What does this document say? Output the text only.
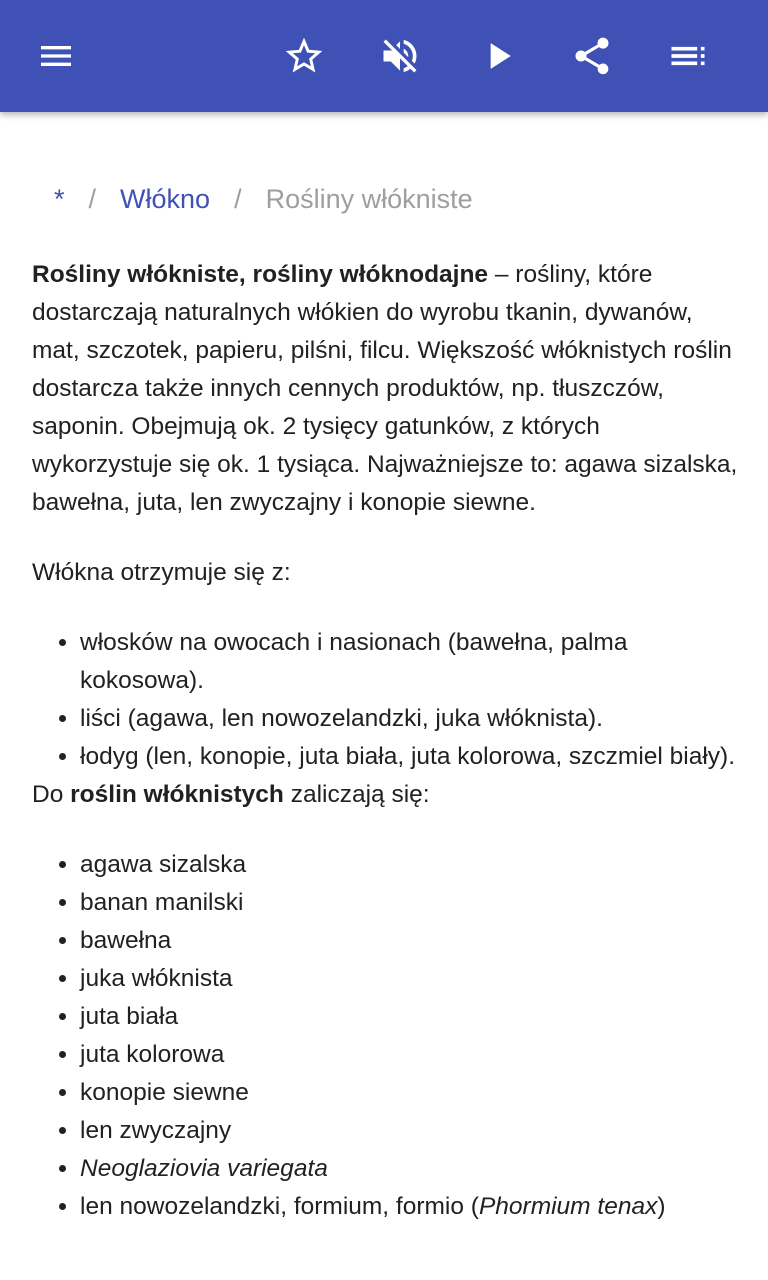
* / Włókno / Rośliny włókniste

Rośliny włókniste, rośliny włóknodajne – rośliny, które dostarczają naturalnych włókien do wyrobu tkanin, dywanów, mat, szczotek, papieru, pilśni, filcu. Większość włóknistych roślin dostarcza także innych cennych produktów, np. tłuszczów, saponin. Obejmują ok. 2 tysięcy gatunków, z których wykorzystuje się ok. 1 tysiąca. Najważniejsze to: agawa sizalska, bawełna, juta, len zwyczajny i konopie siewne.

Włókna otrzymuje się z:

• włosków na owocach i nasionach (bawełna, palma kokosowa).
• liści (agawa, len nowozelandzki, juka włóknista).
• łodyg (len, konopie, juta biała, juta kolorowa, szczmiel biały).

Do roślin włóknistych zaliczają się:

• agawa sizalska
• banan manilski
• bawełna
• juka włóknista
• juta biała
• juta kolorowa
• konopie siewne
• len zwyczajny
• Neoglaziovia variegata
• len nowozelandzki, formium, formio (Phormium tenax)
